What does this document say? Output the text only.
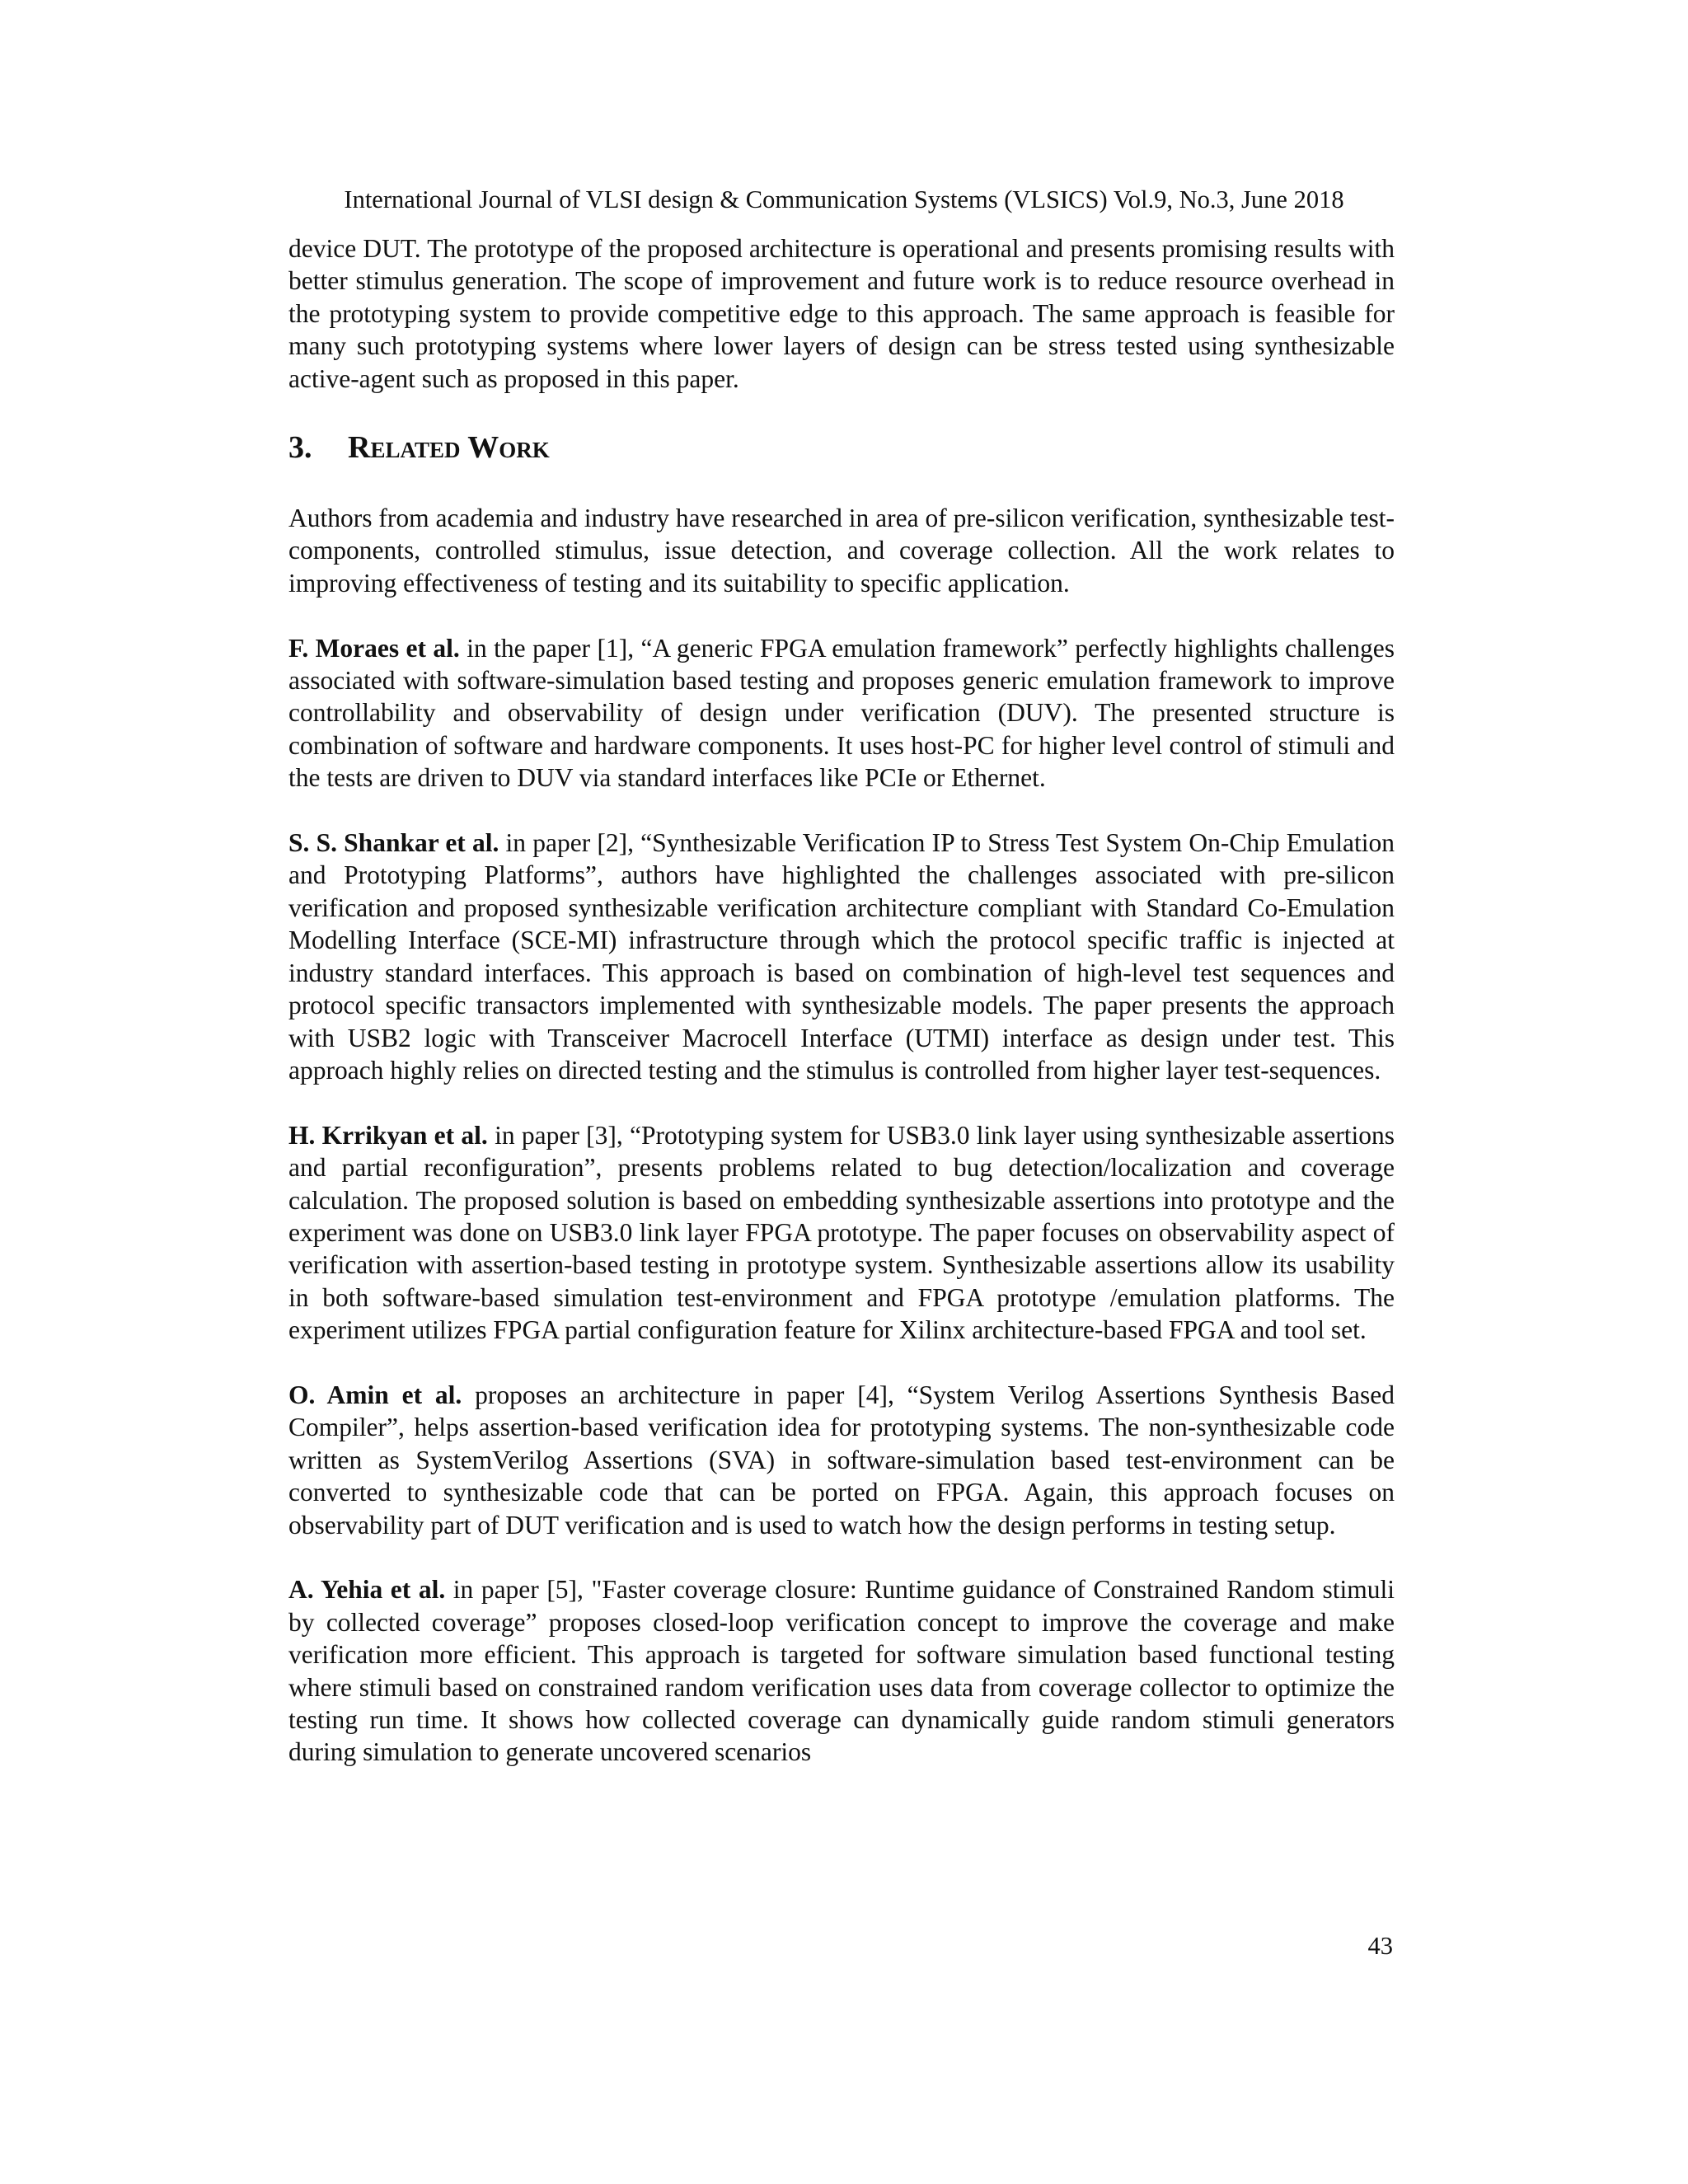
International Journal of VLSI design & Communication Systems (VLSICS) Vol.9, No.3, June 2018

device DUT. The prototype of the proposed architecture is operational and presents promising results with better stimulus generation. The scope of improvement and future work is to reduce resource overhead in the prototyping system to provide competitive edge to this approach. The same approach is feasible for many such prototyping systems where lower layers of design can be stress tested using synthesizable active-agent such as proposed in this paper.

3. Related Work

Authors from academia and industry have researched in area of pre-silicon verification, synthesizable test-components, controlled stimulus, issue detection, and coverage collection. All the work relates to improving effectiveness of testing and its suitability to specific application.

F. Moraes et al. in the paper [1], “A generic FPGA emulation framework” perfectly highlights challenges associated with software-simulation based testing and proposes generic emulation framework to improve controllability and observability of design under verification (DUV). The presented structure is combination of software and hardware components. It uses host-PC for higher level control of stimuli and the tests are driven to DUV via standard interfaces like PCIe or Ethernet.

S. S. Shankar et al. in paper [2], “Synthesizable Verification IP to Stress Test System On-Chip Emulation and Prototyping Platforms”, authors have highlighted the challenges associated with pre-silicon verification and proposed synthesizable verification architecture compliant with Standard Co-Emulation Modelling Interface (SCE-MI) infrastructure through which the protocol specific traffic is injected at industry standard interfaces. This approach is based on combination of high-level test sequences and protocol specific transactors implemented with synthesizable models. The paper presents the approach with USB2 logic with Transceiver Macrocell Interface (UTMI) interface as design under test. This approach highly relies on directed testing and the stimulus is controlled from higher layer test-sequences.

H. Krrikyan et al. in paper [3], “Prototyping system for USB3.0 link layer using synthesizable assertions and partial reconfiguration”, presents problems related to bug detection/localization and coverage calculation. The proposed solution is based on embedding synthesizable assertions into prototype and the experiment was done on USB3.0 link layer FPGA prototype. The paper focuses on observability aspect of verification with assertion-based testing in prototype system. Synthesizable assertions allow its usability in both software-based simulation test-environment and FPGA prototype /emulation platforms. The experiment utilizes FPGA partial configuration feature for Xilinx architecture-based FPGA and tool set.

O. Amin et al. proposes an architecture in paper [4], “System Verilog Assertions Synthesis Based Compiler”, helps assertion-based verification idea for prototyping systems. The non-synthesizable code written as SystemVerilog Assertions (SVA) in software-simulation based test-environment can be converted to synthesizable code that can be ported on FPGA. Again, this approach focuses on observability part of DUT verification and is used to watch how the design performs in testing setup.

A. Yehia et al. in paper [5], "Faster coverage closure: Runtime guidance of Constrained Random stimuli by collected coverage” proposes closed-loop verification concept to improve the coverage and make verification more efficient. This approach is targeted for software simulation based functional testing where stimuli based on constrained random verification uses data from coverage collector to optimize the testing run time. It shows how collected coverage can dynamically guide random stimuli generators during simulation to generate uncovered scenarios

43
